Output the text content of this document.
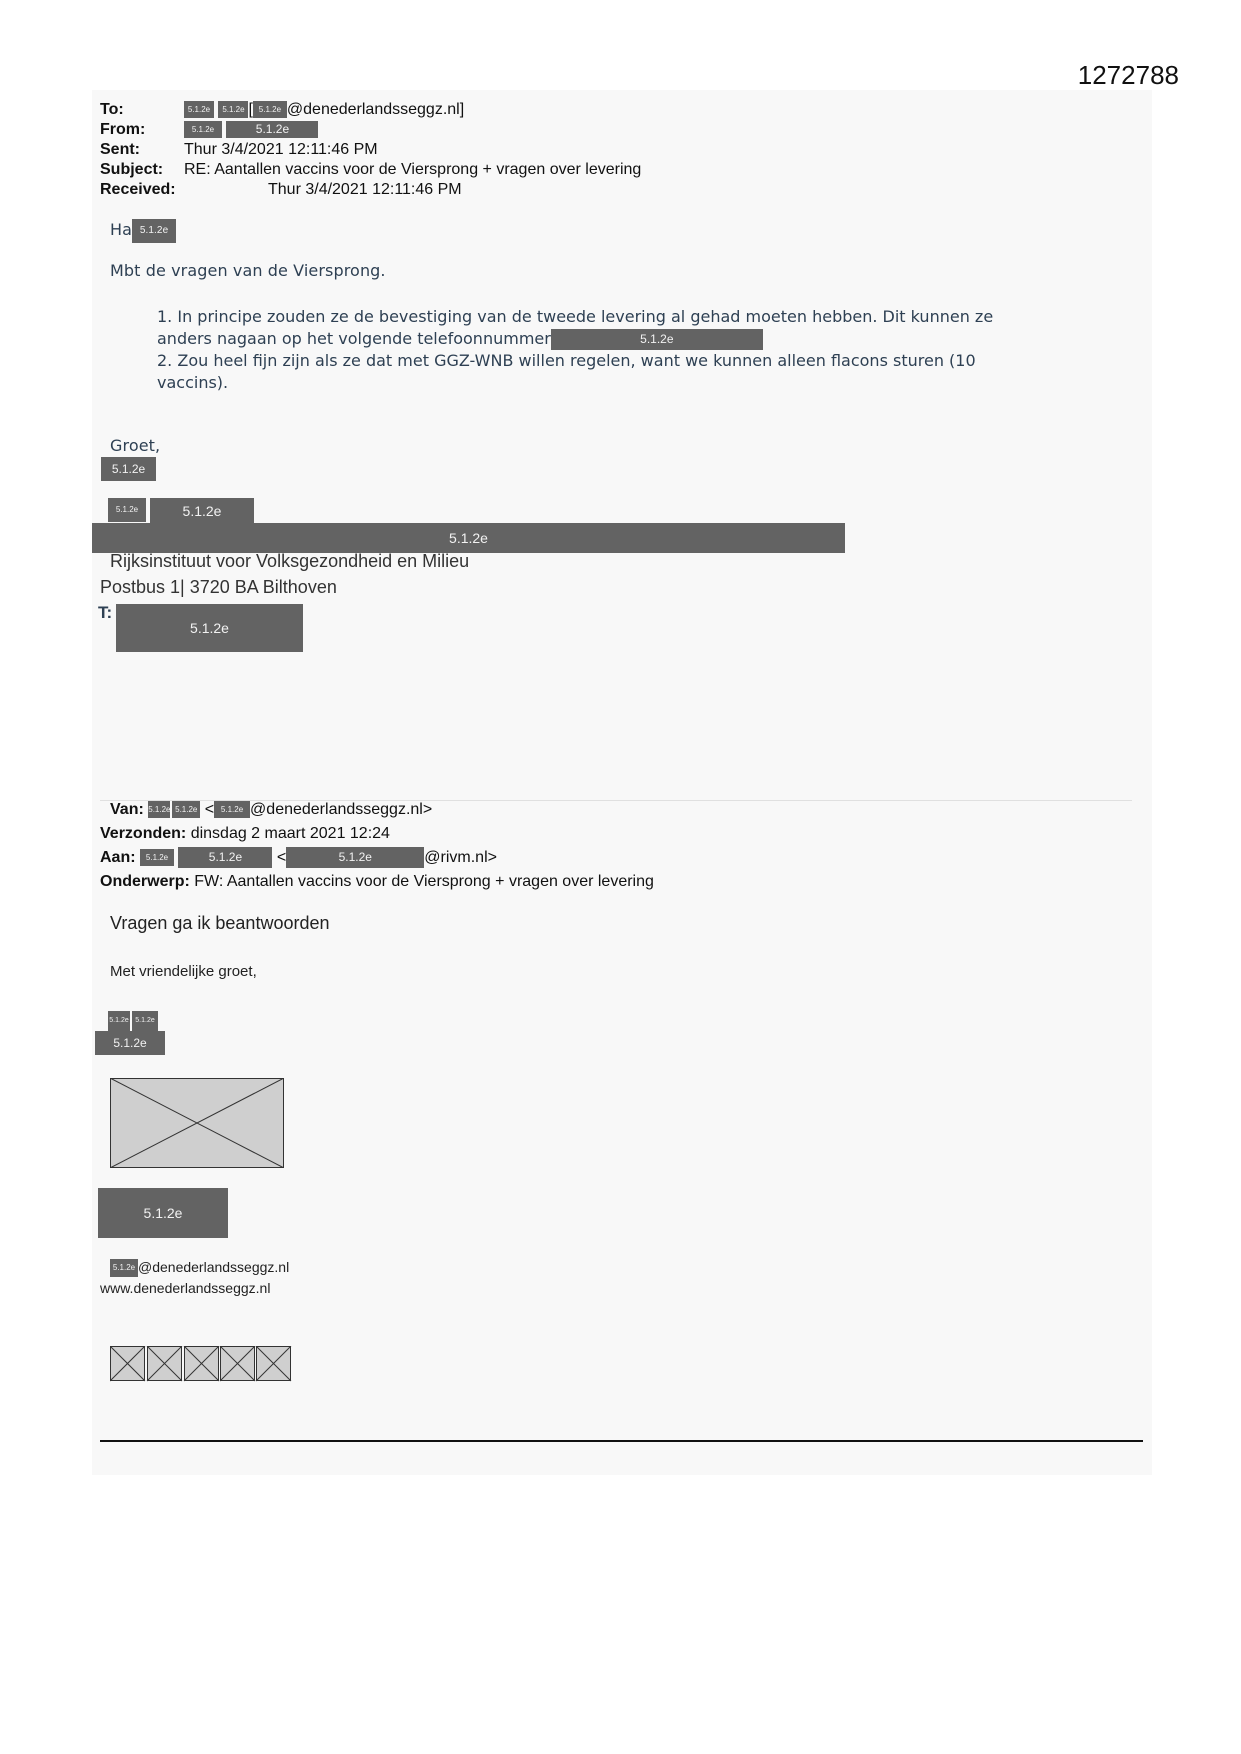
1272788
To:	5.1.2e 5.1.2e [ 5.1.2e @denederlandsseggz.nl]
From:	5.1.2e	5.1.2e
Sent:	Thur 3/4/2021 12:11:46 PM
Subject: RE: Aantallen vaccins voor de Viersprong + vragen over levering
Received:	Thur 3/4/2021 12:11:46 PM
Ha 5.1.2e
Mbt de vragen van de Viersprong.

1. In principe zouden ze de bevestiging van de tweede levering al gehad moeten hebben. Dit kunnen ze

anders nagaan op het volgende telefoonnummer	5.1.2e

2. Zou heel fijn zijn als ze dat met GGZ-WNB willen regelen, want we kunnen alleen flacons sturen (10

vaccins).

Groet,
5.1.2e
5.1.2e	5.1.2e
5.1.2e
Rijksinstituut voor Volksgezondheid en Milieu
Postbus 1| 3720 BA Bilthoven
T:
5.1.2e
Van: 5.1.2e 5.1.2e < 5.1.2e @denederlandsseggz.nl>
Verzonden: dinsdag 2 maart 2021 12:24
Aan: 5.1.2e	5.1.2e <	5.1.2e	@rivm.nl>
Onderwerp: FW: Aantallen vaccins voor de Viersprong + vragen over levering
Vragen ga ik beantwoorden
Met vriendelijke groet,
5.1.2e 5.1.2e
5.1.2e
5.1.2e
5.1.2e @denederlandsseggz.nl
www.denederlandsseggz.nl
